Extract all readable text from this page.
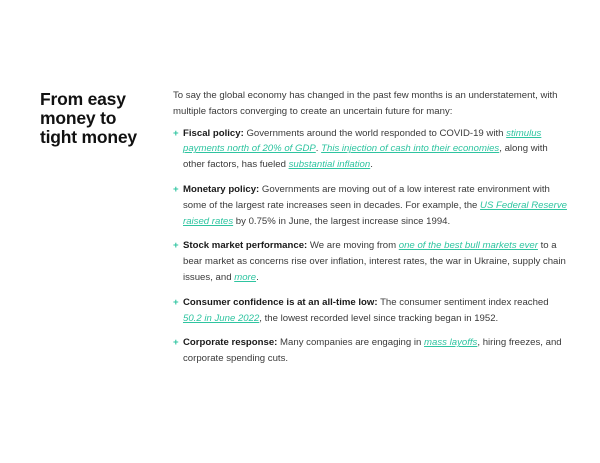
From easy
money to
tight money

To say the global economy has changed in the past few months is an understatement, with multiple factors converging to create an uncertain future for many:

+ Fiscal policy: Governments around the world responded to COVID-19 with stimulus payments north of 20% of GDP. This injection of cash into their economies, along with other factors, has fueled substantial inflation.
+ Monetary policy: Governments are moving out of a low interest rate environment with some of the largest rate increases seen in decades. For example, the US Federal Reserve raised rates by 0.75% in June, the largest increase since 1994.
+ Stock market performance: We are moving from one of the best bull markets ever to a bear market as concerns rise over inflation, interest rates, the war in Ukraine, supply chain issues, and more.
+ Consumer confidence is at an all-time low: The consumer sentiment index reached 50.2 in June 2022, the lowest recorded level since tracking began in 1952.
+ Corporate response: Many companies are engaging in mass layoffs, hiring freezes, and corporate spending cuts.
